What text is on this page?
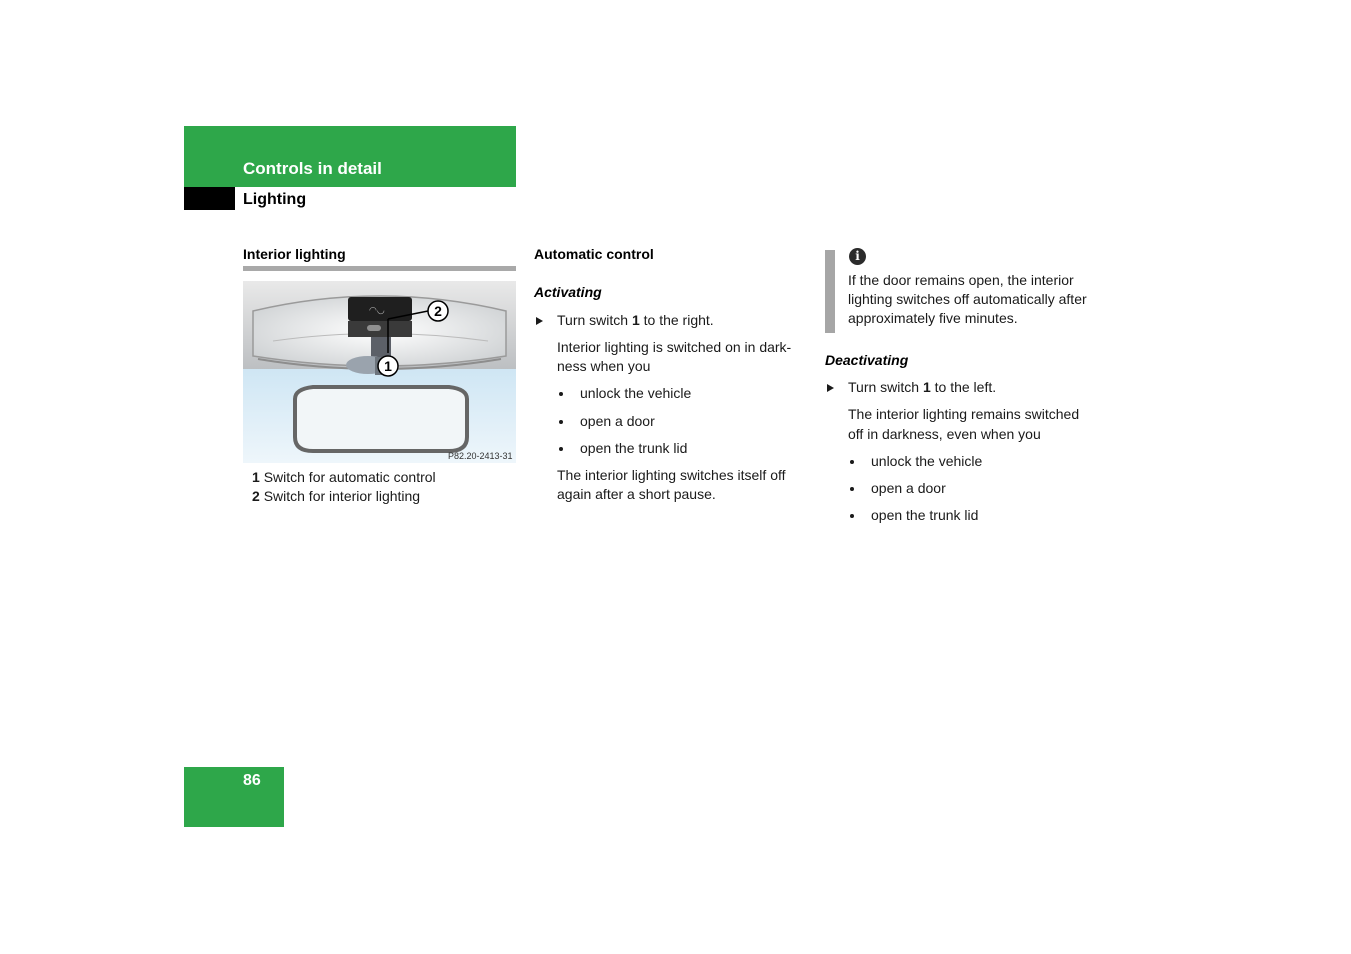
Controls in detail
Lighting
Interior lighting
◠◡	2
1
P82.20-2413-31
1 Switch for automatic control
2 Switch for interior lighting
Automatic control
Activating
Turn switch 1 to the right.
Interior lighting is switched on in dark-
ness when you
unlock the vehicle
open a door
open the trunk lid
The interior lighting switches itself off
again after a short pause.
i
If the door remains open, the interior
lighting switches off automatically after
approximately five minutes.
Deactivating
Turn switch 1 to the left.
The interior lighting remains switched
off in darkness, even when you
unlock the vehicle
open a door
open the trunk lid
86
